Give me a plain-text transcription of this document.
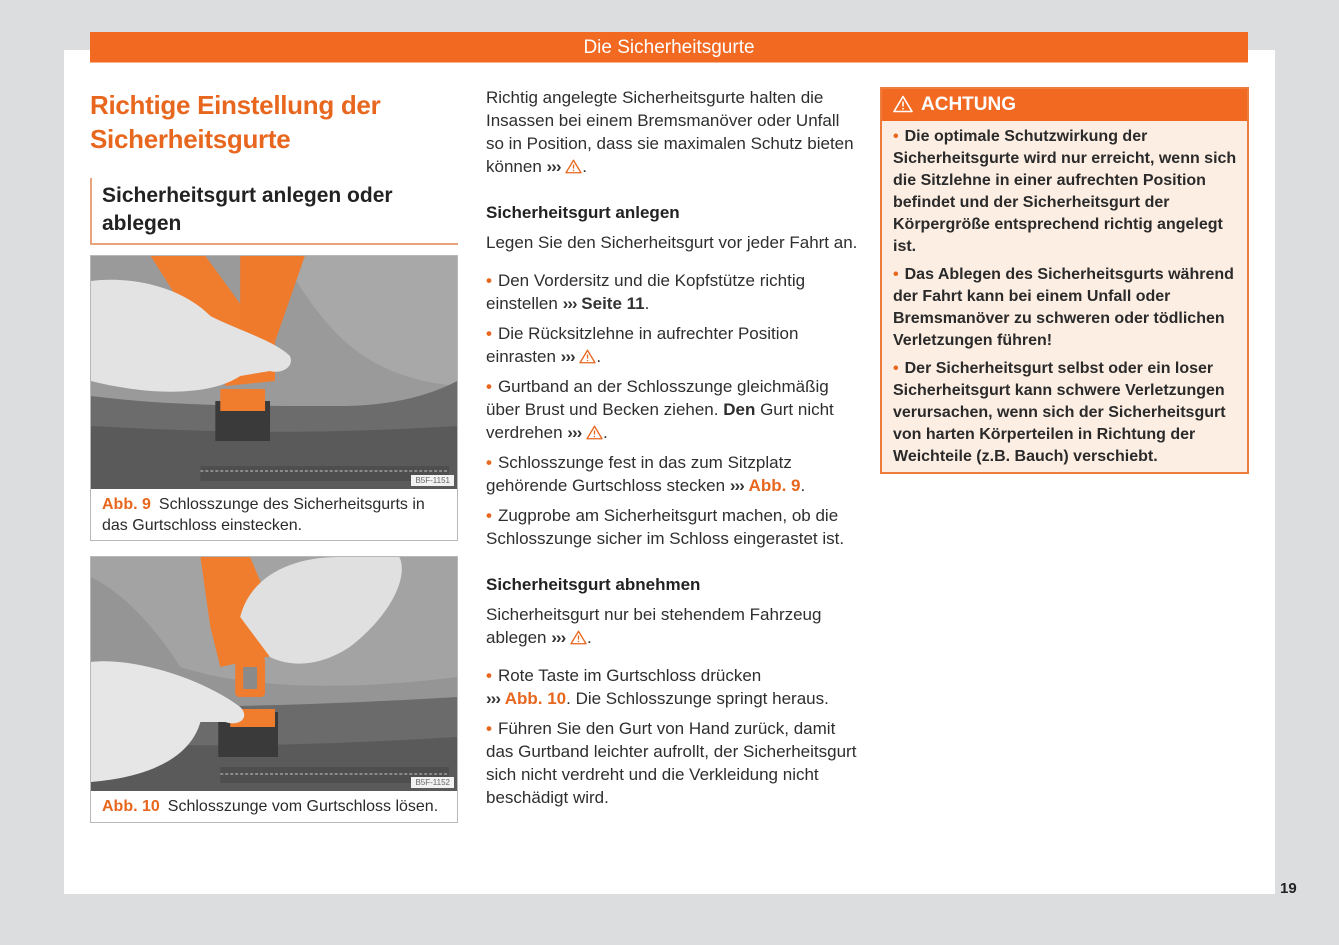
Die Sicherheitsgurte
Richtige Einstellung der Sicherheitsgurte
Sicherheitsgurt anlegen oder ablegen
B5F-1151
Abb. 9 Schlosszunge des Sicherheitsgurts in das Gurtschloss einstecken.
B5F-1152
Abb. 10 Schlosszunge vom Gurtschloss lösen.

Richtig angelegte Sicherheitsgurte halten die Insassen bei einem Bremsmanöver oder Unfall so in Position, dass sie maximalen Schutz bieten können ››› .

Sicherheitsgurt anlegen

Legen Sie den Sicherheitsgurt vor jeder Fahrt an.

• Den Vordersitz und die Kopfstütze richtig einstellen ››› Seite 11.

• Die Rücksitzlehne in aufrechter Position einrasten ››› .

• Gurtband an der Schlosszunge gleichmäßig über Brust und Becken ziehen. Den Gurt nicht verdrehen ››› .

• Schlosszunge fest in das zum Sitzplatz gehörende Gurtschloss stecken ››› Abb. 9.

• Zugprobe am Sicherheitsgurt machen, ob die Schlosszunge sicher im Schloss eingerastet ist.

Sicherheitsgurt abnehmen

Sicherheitsgurt nur bei stehendem Fahrzeug ablegen ››› .

• Rote Taste im Gurtschloss drücken
››› Abb. 10. Die Schlosszunge springt heraus.

• Führen Sie den Gurt von Hand zurück, damit das Gurtband leichter aufrollt, der Sicherheitsgurt sich nicht verdreht und die Verkleidung nicht beschädigt wird.

ACHTUNG

• Die optimale Schutzwirkung der Sicherheitsgurte wird nur erreicht, wenn sich die Sitzlehne in einer aufrechten Position befindet und der Sicherheitsgurt der Körpergröße entsprechend richtig angelegt ist.

• Das Ablegen des Sicherheitsgurts während der Fahrt kann bei einem Unfall oder Bremsmanöver zu schweren oder tödlichen Verletzungen führen!

• Der Sicherheitsgurt selbst oder ein loser Sicherheitsgurt kann schwere Verletzungen verursachen, wenn sich der Sicherheitsgurt von harten Körperteilen in Richtung der Weichteile (z.B. Bauch) verschiebt.

19
